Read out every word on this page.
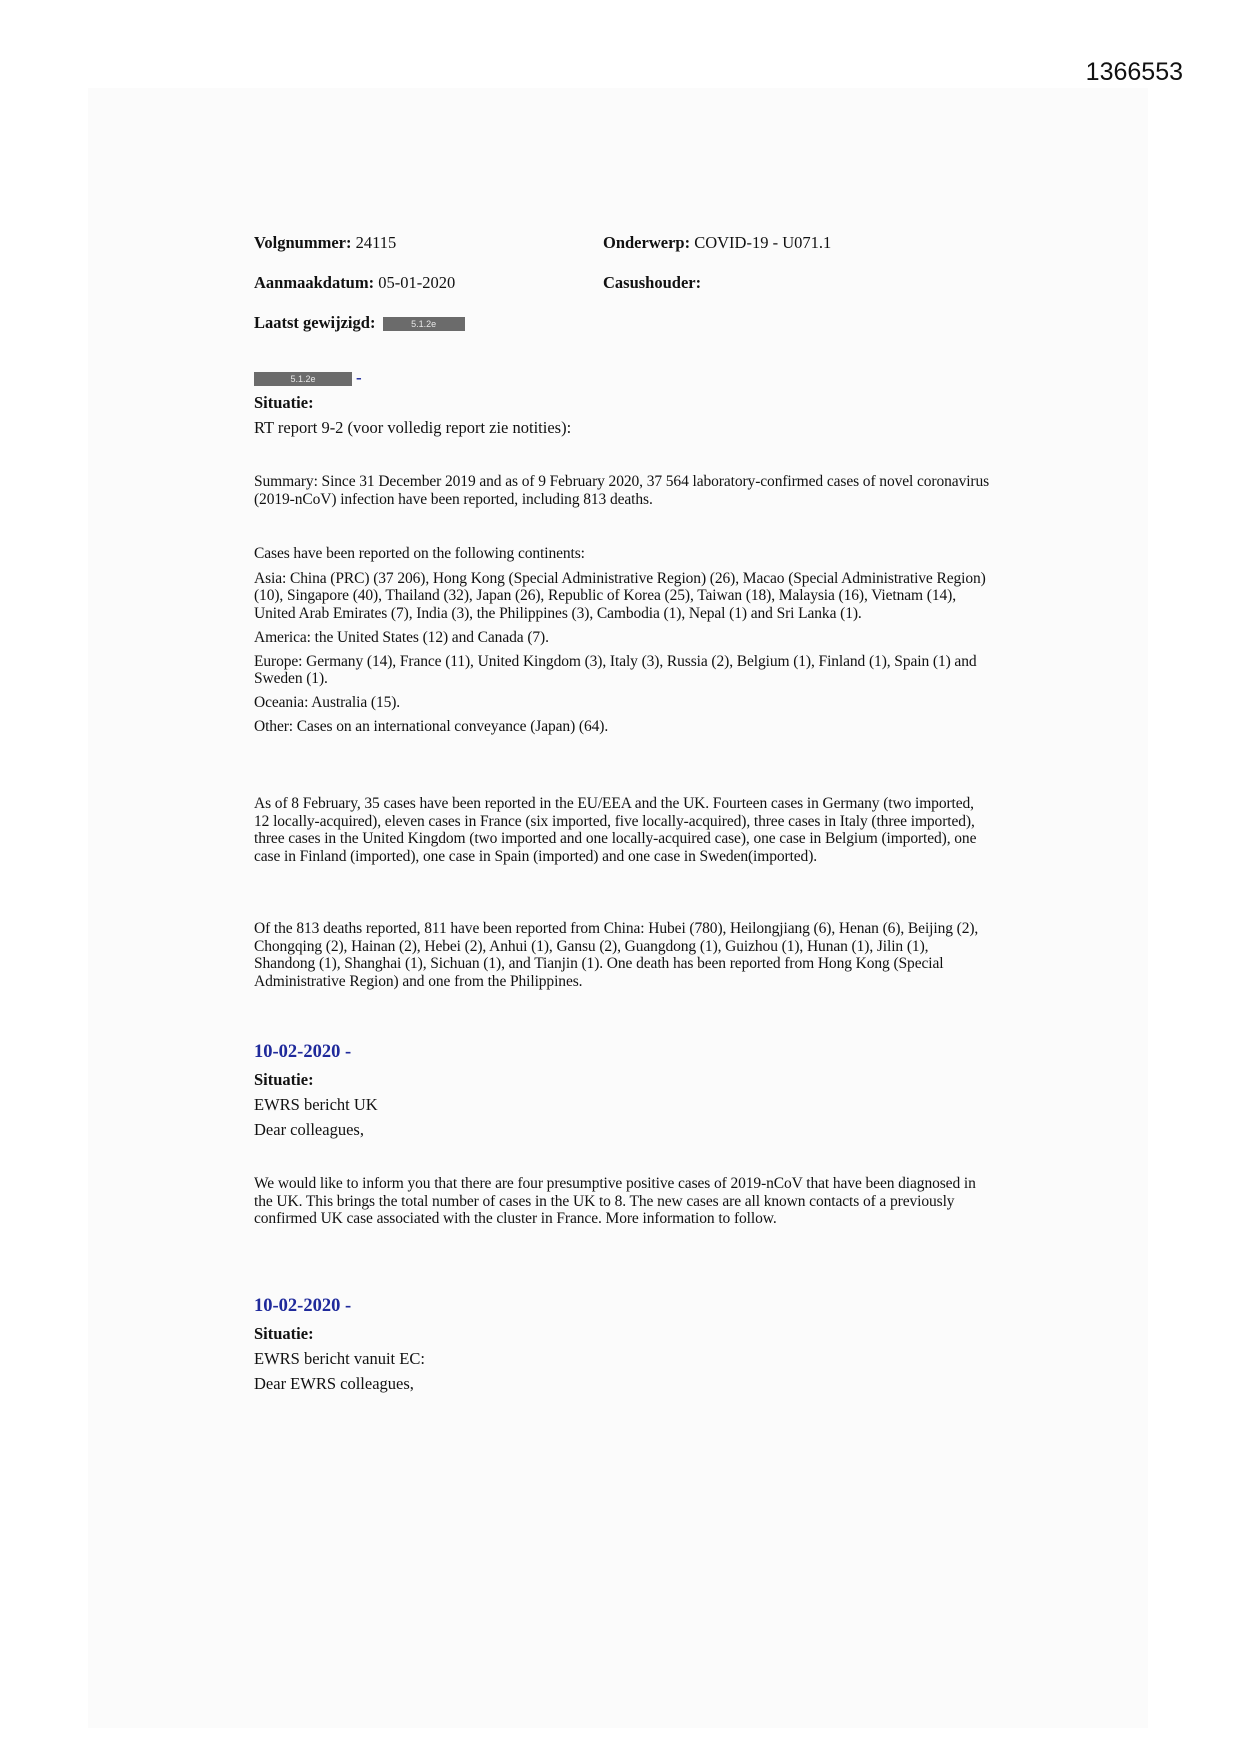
1366553
Volgnummer: 24115	Onderwerp: COVID-19 - U071.1
Aanmaakdatum: 05-01-2020	Casushouder:
Laatst gewijzigd:	5.1.2e
5.1.2e -
Situatie:
RT report 9-2 (voor volledig report zie notities):

Summary: Since 31 December 2019 and as of 9 February 2020, 37 564 laboratory-confirmed cases of novel coronavirus (2019-nCoV) infection have been reported, including 813 deaths.

Cases have been reported on the following continents:

Asia: China (PRC) (37 206), Hong Kong (Special Administrative Region) (26), Macao (Special Administrative Region) (10), Singapore (40), Thailand (32), Japan (26), Republic of Korea (25), Taiwan (18), Malaysia (16), Vietnam (14), United Arab Emirates (7), India (3), the Philippines (3), Cambodia (1), Nepal (1) and Sri Lanka (1).

America: the United States (12) and Canada (7).

Europe: Germany (14), France (11), United Kingdom (3), Italy (3), Russia (2), Belgium (1), Finland (1), Spain (1) and Sweden (1).

Oceania: Australia (15).

Other: Cases on an international conveyance (Japan) (64).

As of 8 February, 35 cases have been reported in the EU/EEA and the UK. Fourteen cases in Germany (two imported, 12 locally-acquired), eleven cases in France (six imported, five locally-acquired), three cases in Italy (three imported), three cases in the United Kingdom (two imported and one locally-acquired case), one case in Belgium (imported), one case in Finland (imported), one case in Spain (imported) and one case in Sweden(imported).

Of the 813 deaths reported, 811 have been reported from China: Hubei (780), Heilongjiang (6), Henan (6), Beijing (2), Chongqing (2), Hainan (2), Hebei (2), Anhui (1), Gansu (2), Guangdong (1), Guizhou (1), Hunan (1), Jilin (1), Shandong (1), Shanghai (1), Sichuan (1), and Tianjin (1). One death has been reported from Hong Kong (Special Administrative Region) and one from the Philippines.

10-02-2020 -
Situatie:
EWRS bericht UK
Dear colleagues,

We would like to inform you that there are four presumptive positive cases of 2019-nCoV that have been diagnosed in the UK. This brings the total number of cases in the UK to 8. The new cases are all known contacts of a previously confirmed UK case associated with the cluster in France. More information to follow.

10-02-2020 -
Situatie:
EWRS bericht vanuit EC:
Dear EWRS colleagues,
